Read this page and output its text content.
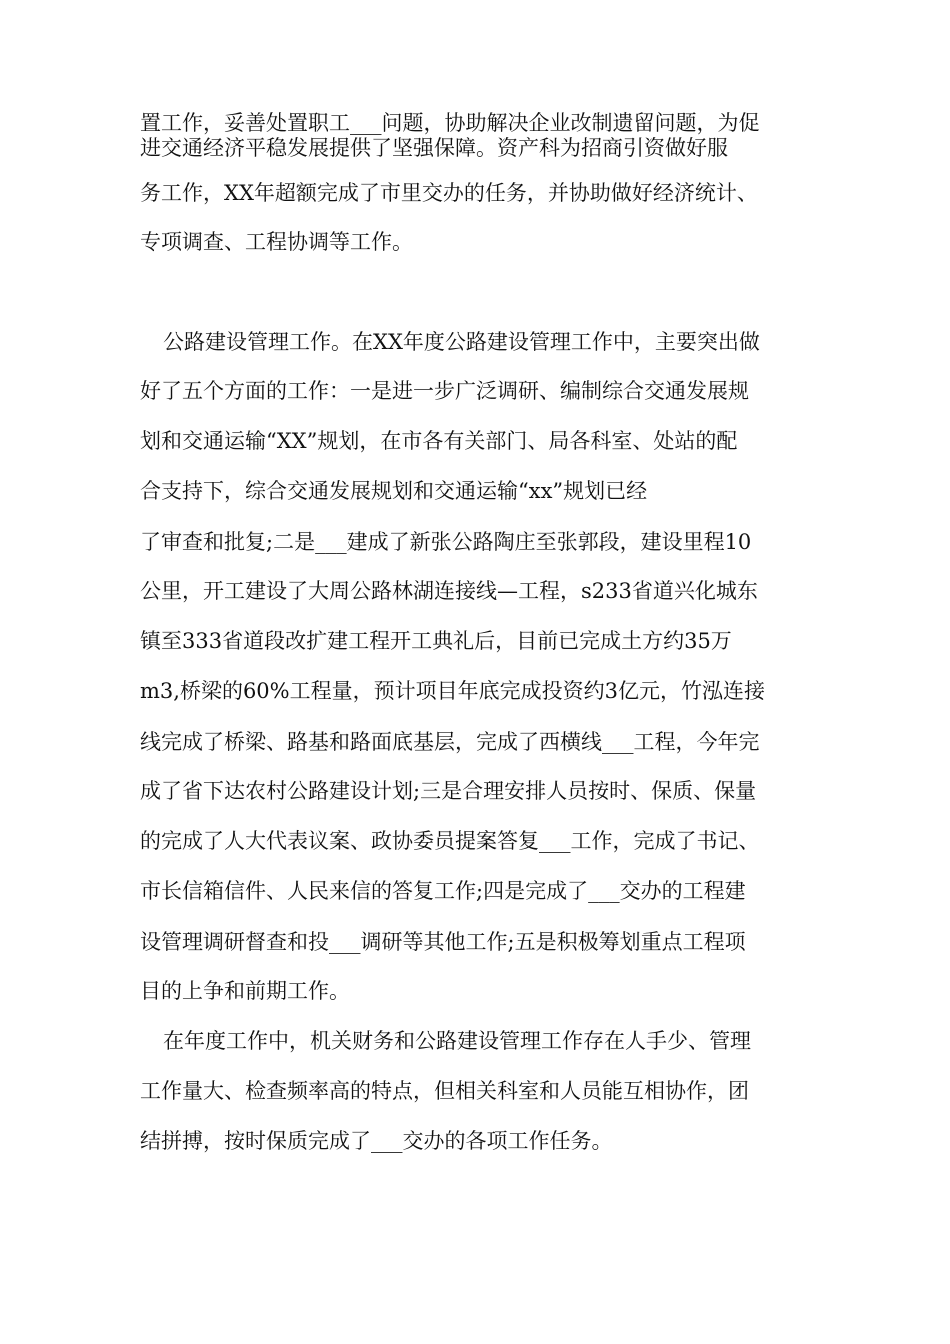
置工作，妥善处置职工___问题，协助解决企业改制遗留问题，为促
进交通经济平稳发展提供了坚强保障。资产科为招商引资做好服
务工作，XX年超额完成了市里交办的任务，并协助做好经济统计、
专项调查、工程协调等工作。
公路建设管理工作。在XX年度公路建设管理工作中，主要突出做
好了五个方面的工作：一是进一步广泛调研、编制综合交通发展规
划和交通运输“XX”规划，在市各有关部门、局各科室、处站的配
合支持下，综合交通发展规划和交通运输“xx”规划已经
了审查和批复;二是___建成了新张公路陶庄至张郭段，建设里程10
公里，开工建设了大周公路林湖连接线—工程，s233省道兴化城东
镇至333省道段改扩建工程开工典礼后，目前已完成土方约35万
m3,桥梁的60%工程量，预计项目年底完成投资约3亿元，竹泓连接
线完成了桥梁、路基和路面底基层，完成了西横线___工程，今年完
成了省下达农村公路建设计划;三是合理安排人员按时、保质、保量
的完成了人大代表议案、政协委员提案答复___工作，完成了书记、
市长信箱信件、人民来信的答复工作;四是完成了___交办的工程建
设管理调研督查和投___调研等其他工作;五是积极筹划重点工程项
目的上争和前期工作。
在年度工作中，机关财务和公路建设管理工作存在人手少、管理
工作量大、检查频率高的特点，但相关科室和人员能互相协作，团
结拼搏，按时保质完成了___交办的各项工作任务。
